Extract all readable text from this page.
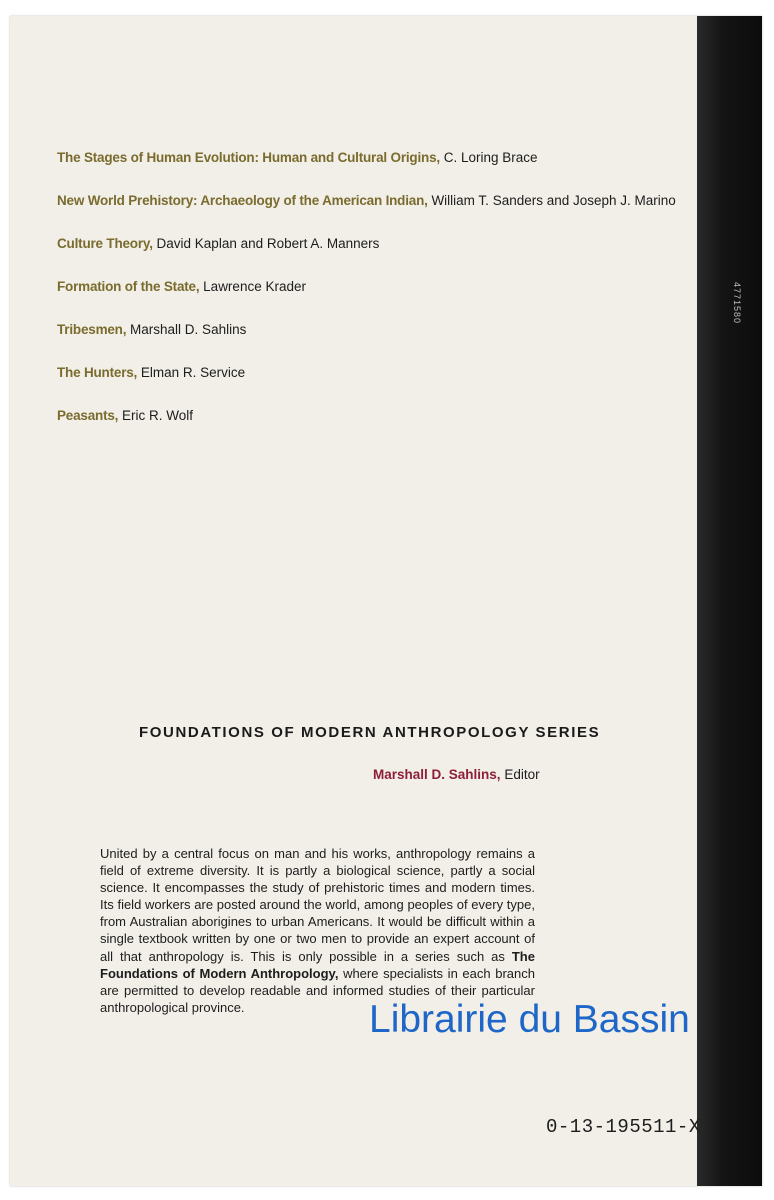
4771580
The Stages of Human Evolution: Human and Cultural Origins, C. Loring Brace
New World Prehistory: Archaeology of the American Indian, William T. Sanders and Joseph J. Marino
Culture Theory, David Kaplan and Robert A. Manners
Formation of the State, Lawrence Krader
Tribesmen, Marshall D. Sahlins
The Hunters, Elman R. Service
Peasants, Eric R. Wolf
FOUNDATIONS OF MODERN ANTHROPOLOGY SERIES
Marshall D. Sahlins, Editor
United by a central focus on man and his works, anthropology remains a field of extreme diversity. It is partly a biological science, partly a social science. It encompasses the study of prehistoric times and modern times. Its field workers are posted around the world, among peoples of every type, from Australian aborigines to urban Americans. It would be difficult within a single textbook written by one or two men to provide an expert account of all that anthropology is. This is only possible in a series such as The Foundations of Modern Anthropology, where specialists in each branch are permitted to develop readable and informed studies of their particular anthropological province.	Librairie du Bassin
0-13-195511-X
